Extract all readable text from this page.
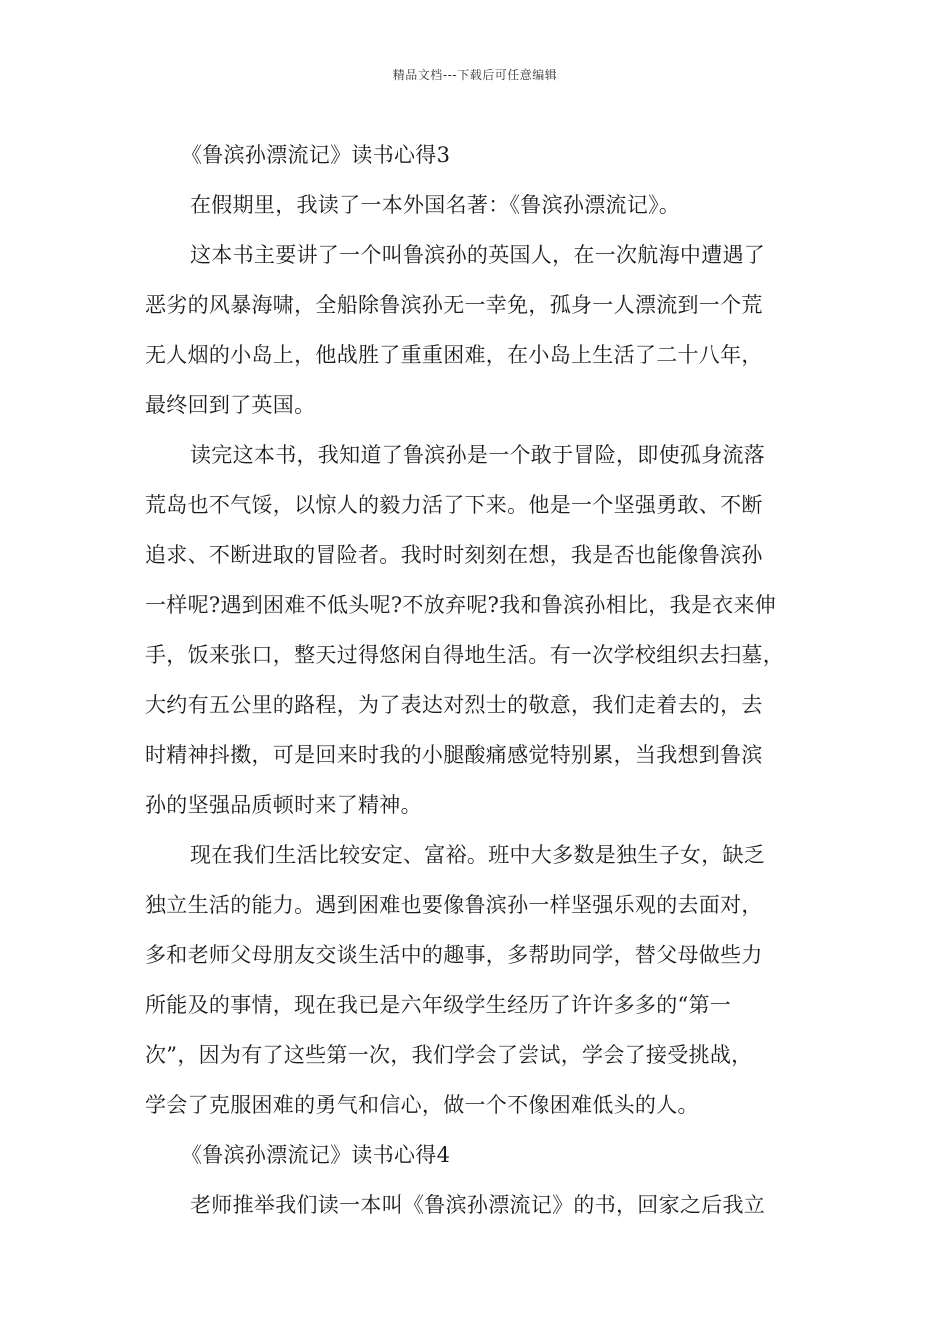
精品文档---下载后可任意编辑
《鲁滨孙漂流记》读书心得3
在假期里，我读了一本外国名著：《鲁滨孙漂流记》。
这本书主要讲了一个叫鲁滨孙的英国人，在一次航海中遭遇了
恶劣的风暴海啸，全船除鲁滨孙无一幸免，孤身一人漂流到一个荒
无人烟的小岛上，他战胜了重重困难，在小岛上生活了二十八年，
最终回到了英国。
读完这本书，我知道了鲁滨孙是一个敢于冒险，即使孤身流落
荒岛也不气馁，以惊人的毅力活了下来。他是一个坚强勇敢、不断
追求、不断进取的冒险者。我时时刻刻在想，我是否也能像鲁滨孙
一样呢?遇到困难不低头呢?不放弃呢?我和鲁滨孙相比，我是衣来伸
手，饭来张口，整天过得悠闲自得地生活。有一次学校组织去扫墓，
大约有五公里的路程，为了表达对烈士的敬意，我们走着去的，去
时精神抖擞，可是回来时我的小腿酸痛感觉特别累，当我想到鲁滨
孙的坚强品质顿时来了精神。
现在我们生活比较安定、富裕。班中大多数是独生子女，缺乏
独立生活的能力。遇到困难也要像鲁滨孙一样坚强乐观的去面对，
多和老师父母朋友交谈生活中的趣事，多帮助同学，替父母做些力
所能及的事情，现在我已是六年级学生经历了许许多多的“第一
次”，因为有了这些第一次，我们学会了尝试，学会了接受挑战，
学会了克服困难的勇气和信心，做一个不像困难低头的人。
《鲁滨孙漂流记》读书心得4
老师推举我们读一本叫《鲁滨孙漂流记》的书，回家之后我立
